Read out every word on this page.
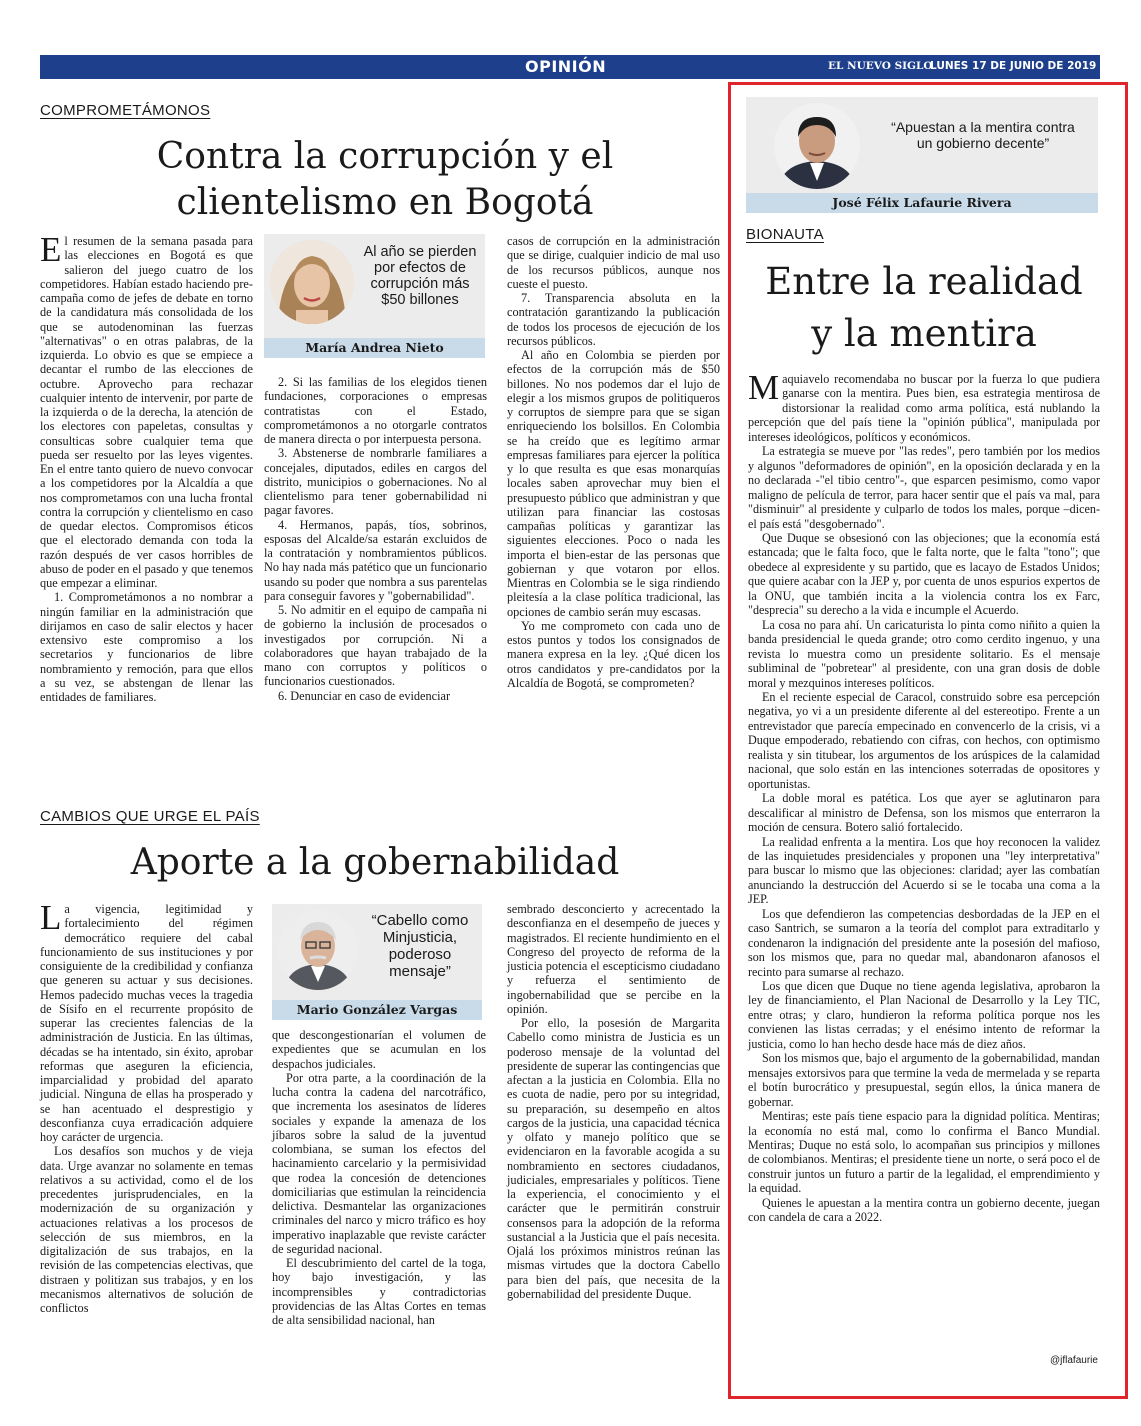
OPINIÓN	EL NUEVO SIGLO
LUNES 17 DE JUNIO DE 2019 9A
COMPROMETÁMONOS
Contra la corrupción y el
clientelismo en Bogotá

El resumen de la semana pasada para las elecciones en Bogotá es que salieron del juego cuatro de los competidores. Habían estado haciendo pre-campaña como de jefes de debate en torno de la candidatura más consolidada de los que se autodenominan las fuerzas "alternativas" o en otras palabras, de la izquierda. Lo obvio es que se empiece a decantar el rumbo de las elecciones de octubre. Aprovecho para rechazar cualquier intento de intervenir, por parte de la izquierda o de la derecha, la atención de los electores con papeletas, consultas y consulticas sobre cualquier tema que pueda ser resuelto por las leyes vigentes. En el entre tanto quiero de nuevo convocar a los competidores por la Alcaldía a que nos comprometamos con una lucha frontal contra la corrupción y clientelismo en caso de quedar electos. Compromisos éticos que el electorado demanda con toda la razón después de ver casos horribles de abuso de poder en el pasado y que tenemos que empezar a eliminar.

1. Comprometámonos a no nombrar a ningún familiar en la administración que dirijamos en caso de salir electos y hacer extensivo este compromiso a los secretarios y funcionarios de libre nombramiento y remoción, para que ellos a su vez, se abstengan de llenar las entidades de familiares.

Al año se pierden por efectos de corrupción más $50 billones
María Andrea Nieto

2. Si las familias de los elegidos tienen fundaciones, corporaciones o empresas contratistas con el Estado, comprometámonos a no otorgarle contratos de manera directa o por interpuesta persona.

3. Abstenerse de nombrarle familiares a concejales, diputados, ediles en cargos del distrito, municipios o gobernaciones. No al clientelismo para tener gobernabilidad ni pagar favores.

4. Hermanos, papás, tíos, sobrinos, esposas del Alcalde/sa estarán excluidos de la contratación y nombramientos públicos. No hay nada más patético que un funcionario usando su poder que nombra a sus parentelas para conseguir favores y "gobernabilidad".

5. No admitir en el equipo de campaña ni de gobierno la inclusión de procesados o investigados por corrupción. Ni a colaboradores que hayan trabajado de la mano con corruptos y políticos o funcionarios cuestionados.

6. Denunciar en caso de evidenciar

casos de corrupción en la administración que se dirige, cualquier indicio de mal uso de los recursos públicos, aunque nos cueste el puesto.

7. Transparencia absoluta en la contratación garantizando la publicación de todos los procesos de ejecución de los recursos públicos.

Al año en Colombia se pierden por efectos de la corrupción más de $50 billones. No nos podemos dar el lujo de elegir a los mismos grupos de politiqueros y corruptos de siempre para que se sigan enriqueciendo los bolsillos. En Colombia se ha creído que es legítimo armar empresas familiares para ejercer la política y lo que resulta es que esas monarquías locales saben aprovechar muy bien el presupuesto público que administran y que utilizan para financiar las costosas campañas políticas y garantizar las siguientes elecciones. Poco o nada les importa el bien-estar de las personas que gobiernan y que votaron por ellos. Mientras en Colombia se le siga rindiendo pleitesía a la clase política tradicional, las opciones de cambio serán muy escasas.

Yo me comprometo con cada uno de estos puntos y todos los consignados de manera expresa en la ley. ¿Qué dicen los otros candidatos y pre-candidatos por la Alcaldía de Bogotá, se comprometen?

CAMBIOS QUE URGE EL PAÍS
Aporte a la gobernabilidad

La vigencia, legitimidad y fortalecimiento del régimen democrático requiere del cabal funcionamiento de sus instituciones y por consiguiente de la credibilidad y confianza que generen su actuar y sus decisiones. Hemos padecido muchas veces la tragedia de Sísifo en el recurrente propósito de superar las crecientes falencias de la administración de Justicia. En las últimas, décadas se ha intentado, sin éxito, aprobar reformas que aseguren la eficiencia, imparcialidad y probidad del aparato judicial. Ninguna de ellas ha prosperado y se han acentuado el desprestigio y desconfianza cuya erradicación adquiere hoy carácter de urgencia.

Los desafíos son muchos y de vieja data. Urge avanzar no solamente en temas relativos a su actividad, como el de los precedentes jurisprudenciales, en la modernización de su organización y actuaciones relativas a los procesos de selección de sus miembros, en la digitalización de sus trabajos, en la revisión de las competencias electivas, que distraen y politizan sus trabajos, y en los mecanismos alternativos de solución de conflictos

“Cabello como Minjusticia, poderoso mensaje”
Mario González Vargas

que descongestionarían el volumen de expedientes que se acumulan en los despachos judiciales.

Por otra parte, a la coordinación de la lucha contra la cadena del narcotráfico, que incrementa los asesinatos de líderes sociales y expande la amenaza de los jíbaros sobre la salud de la juventud colombiana, se suman los efectos del hacinamiento carcelario y la permisividad que rodea la concesión de detenciones domiciliarias que estimulan la reincidencia delictiva. Desmantelar las organizaciones criminales del narco y micro tráfico es hoy imperativo inaplazable que reviste carácter de seguridad nacional.

El descubrimiento del cartel de la toga, hoy bajo investigación, y las incomprensibles y contradictorias providencias de las Altas Cortes en temas de alta sensibilidad nacional, han

sembrado desconcierto y acrecentado la desconfianza en el desempeño de jueces y magistrados. El reciente hundimiento en el Congreso del proyecto de reforma de la justicia potencia el escepticismo ciudadano y refuerza el sentimiento de ingobernabilidad que se percibe en la opinión.

Por ello, la posesión de Margarita Cabello como ministra de Justicia es un poderoso mensaje de la voluntad del presidente de superar las contingencias que afectan a la justicia en Colombia. Ella no es cuota de nadie, pero por su integridad, su preparación, su desempeño en altos cargos de la justicia, una capacidad técnica y olfato y manejo político que se evidenciaron en la favorable acogida a su nombramiento en sectores ciudadanos, judiciales, empresariales y políticos. Tiene la experiencia, el conocimiento y el carácter que le permitirán construir consensos para la adopción de la reforma sustancial a la Justicia que el país necesita. Ojalá los próximos ministros reúnan las mismas virtudes que la doctora Cabello para bien del país, que necesita de la gobernabilidad del presidente Duque.

“Apuestan a la mentira contra un gobierno decente”
José Félix Lafaurie Rivera
BIONAUTA
Entre la realidad
y la mentira

Maquiavelo recomendaba no buscar por la fuerza lo que pudiera ganarse con la mentira. Pues bien, esa estrategia mentirosa de distorsionar la realidad como arma política, está nublando la percepción que del país tiene la "opinión pública", manipulada por intereses ideológicos, políticos y económicos.

La estrategia se mueve por "las redes", pero también por los medios y algunos "deformadores de opinión", en la oposición declarada y en la no declarada -"el tibio centro"-, que esparcen pesimismo, como vapor maligno de película de terror, para hacer sentir que el país va mal, para "disminuir" al presidente y culparlo de todos los males, porque –dicen- el país está "desgobernado".

Que Duque se obsesionó con las objeciones; que la economía está estancada; que le falta foco, que le falta norte, que le falta "tono"; que obedece al expresidente y su partido, que es lacayo de Estados Unidos; que quiere acabar con la JEP y, por cuenta de unos espurios expertos de la ONU, que también incita a la violencia contra los ex Farc, "desprecia" su derecho a la vida e incumple el Acuerdo.

La cosa no para ahí. Un caricaturista lo pinta como niñito a quien la banda presidencial le queda grande; otro como cerdito ingenuo, y una revista lo muestra como un presidente solitario. Es el mensaje subliminal de "pobretear" al presidente, con una gran dosis de doble moral y mezquinos intereses políticos.

En el reciente especial de Caracol, construido sobre esa percepción negativa, yo vi a un presidente diferente al del estereotipo. Frente a un entrevistador que parecía empecinado en convencerlo de la crisis, vi a Duque empoderado, rebatiendo con cifras, con hechos, con optimismo realista y sin titubear, los argumentos de los arúspices de la calamidad nacional, que solo están en las intenciones soterradas de opositores y oportunistas.

La doble moral es patética. Los que ayer se aglutinaron para descalificar al ministro de Defensa, son los mismos que enterraron la moción de censura. Botero salió fortalecido.

La realidad enfrenta a la mentira. Los que hoy reconocen la validez de las inquietudes presidenciales y proponen una "ley interpretativa" para buscar lo mismo que las objeciones: claridad; ayer las combatían anunciando la destrucción del Acuerdo si se le tocaba una coma a la JEP.

Los que defendieron las competencias desbordadas de la JEP en el caso Santrich, se sumaron a la teoría del complot para extraditarlo y condenaron la indignación del presidente ante la posesión del mafioso, son los mismos que, para no quedar mal, abandonaron afanosos el recinto para sumarse al rechazo.

Los que dicen que Duque no tiene agenda legislativa, aprobaron la ley de financiamiento, el Plan Nacional de Desarrollo y la Ley TIC, entre otras; y claro, hundieron la reforma política porque nos les convienen las listas cerradas; y el enésimo intento de reformar la justicia, como lo han hecho desde hace más de diez años.

Son los mismos que, bajo el argumento de la gobernabilidad, mandan mensajes extorsivos para que termine la veda de mermelada y se reparta el botín burocrático y presupuestal, según ellos, la única manera de gobernar.

Mentiras; este país tiene espacio para la dignidad política. Mentiras; la economía no está mal, como lo confirma el Banco Mundial. Mentiras; Duque no está solo, lo acompañan sus principios y millones de colombianos. Mentiras; el presidente tiene un norte, o será poco el de construir juntos un futuro a partir de la legalidad, el emprendimiento y la equidad.

Quienes le apuestan a la mentira contra un gobierno decente, juegan con candela de cara a 2022.

@jflafaurie
